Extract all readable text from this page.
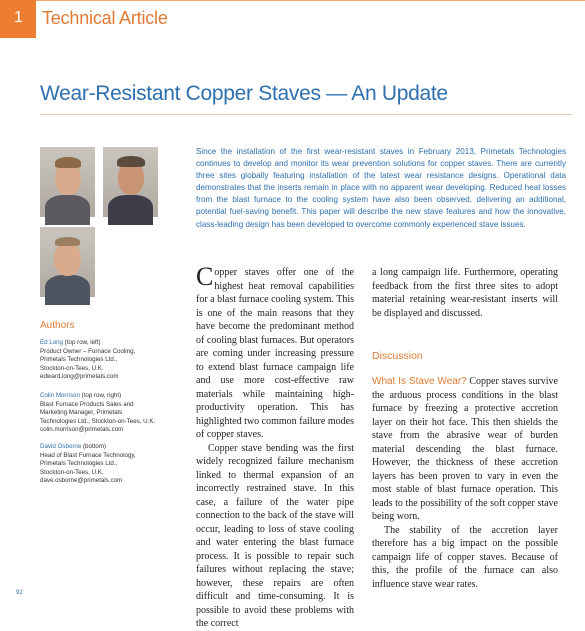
1 Technical Article
Wear-Resistant Copper Staves — An Update
Since the installation of the first wear-resistant staves in February 2013, Primetals Technologies continues to develop and monitor its wear prevention solutions for copper staves. There are currently three sites globally featuring installation of the latest wear resistance designs. Operational data demonstrates that the inserts remain in place with no apparent wear developing. Reduced heat losses from the blast furnace to the cooling system have also been observed, delivering an additional, potential fuel-saving benefit. This paper will describe the new stave features and how the innovative, class-leading design has been developed to overcome commonly experienced stave issues.
Authors
Ed Long (top row, left)
Product Owner – Furnace Cooling,
Primetals Technologies Ltd.,
Stockton-on-Tees, U.K.
edward.long@primetals.com
Colin Morrison (top row, right)
Blast Furnace Products Sales and
Marketing Manager, Primetals
Technologies Ltd., Stockton-on-Tees, U.K.
colin.morrison@primetals.com
David Osborne (bottom)
Head of Blast Furnace Technology,
Primetals Technologies Ltd.,
Stockton-on-Tees, U.K.
dave.osborne@primetals.com

Copper staves offer one of the highest heat removal capabilities for a blast furnace cooling system. This is one of the main reasons that they have become the predominant method of cooling blast furnaces. But operators are coming under increasing pressure to extend blast furnace campaign life and use more cost-effective raw materials while maintaining high-productivity operation. This has highlighted two common failure modes of copper staves.

Copper stave bending was the first widely recognized failure mechanism linked to thermal expansion of an incorrectly restrained stave. In this case, a failure of the water pipe connection to the back of the stave will occur, leading to loss of stave cooling and water entering the blast furnace process. It is possible to repair such failures without replacing the stave; however, these repairs are often difficult and time-consuming. It is possible to avoid these problems with the correct

a long campaign life. Furthermore, operating feedback from the first three sites to adopt material retaining wear-resistant inserts will be displayed and discussed.

Discussion

What Is Stave Wear? Copper staves survive the arduous process conditions in the blast furnace by freezing a protective accretion layer on their hot face. This then shields the stave from the abrasive wear of burden material descending the blast furnace. However, the thickness of these accretion layers has been proven to vary in even the most stable of blast furnace operation. This leads to the possibility of the soft copper stave being worn.

The stability of the accretion layer therefore has a big impact on the possible campaign life of copper staves. Because of this, the profile of the furnace can also influence stave wear rates.

92
